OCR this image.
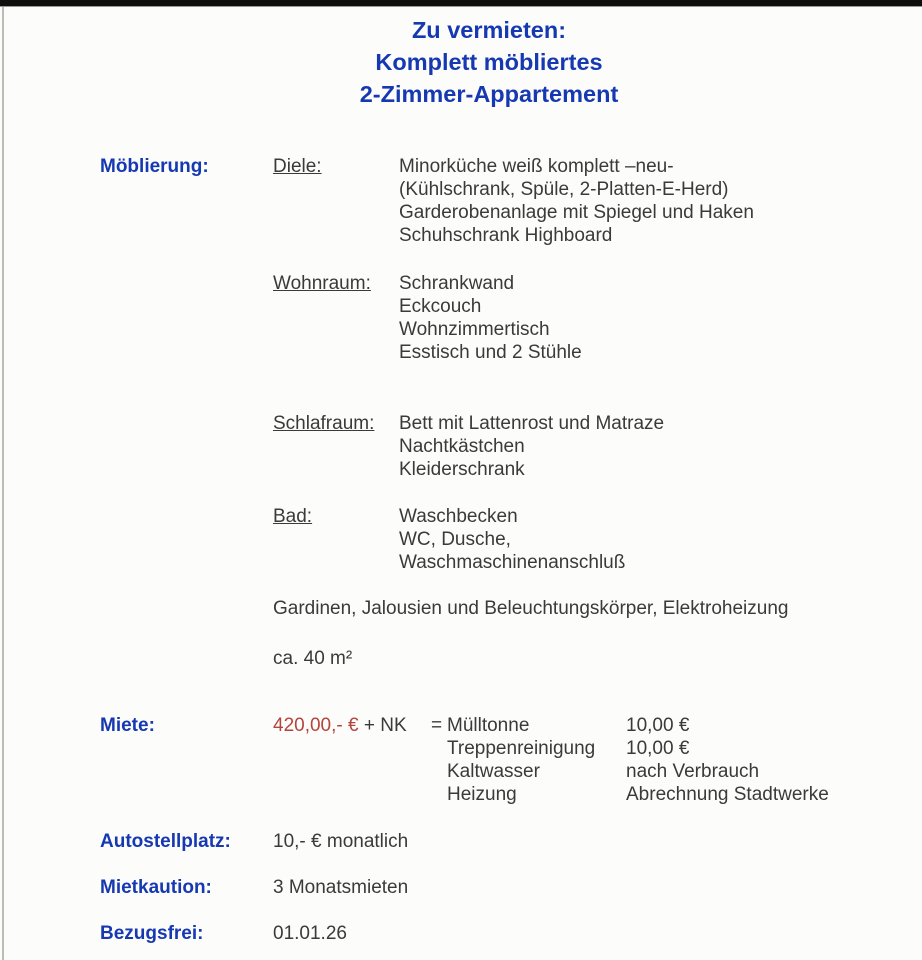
Zu vermieten:
Komplett möbliertes
2-Zimmer-Appartement
Möblierung:	Diele:	Minorküche weiß komplett –neu-
(Kühlschrank, Spüle, 2-Platten-E-Herd)
Garderobenanlage mit Spiegel und Haken
Schuhschrank Highboard
Wohnraum:	Schrankwand
Eckcouch
Wohnzimmertisch
Esstisch und 2 Stühle
Schlafraum:	Bett mit Lattenrost und Matraze
Nachtkästchen
Kleiderschrank
Bad:	Waschbecken
WC, Dusche,
Waschmaschinenanschluß
Gardinen, Jalousien und Beleuchtungskörper, Elektroheizung
ca. 40 m²
Miete:	420,00,- € + NK = Mülltonne	10,00 €
Treppenreinigung	10,00 €
Kaltwasser	nach Verbrauch
Heizung	Abrechnung Stadtwerke
Autostellplatz: 10,- € monatlich
Mietkaution:	3 Monatsmieten
Bezugsfrei:	01.01.26
